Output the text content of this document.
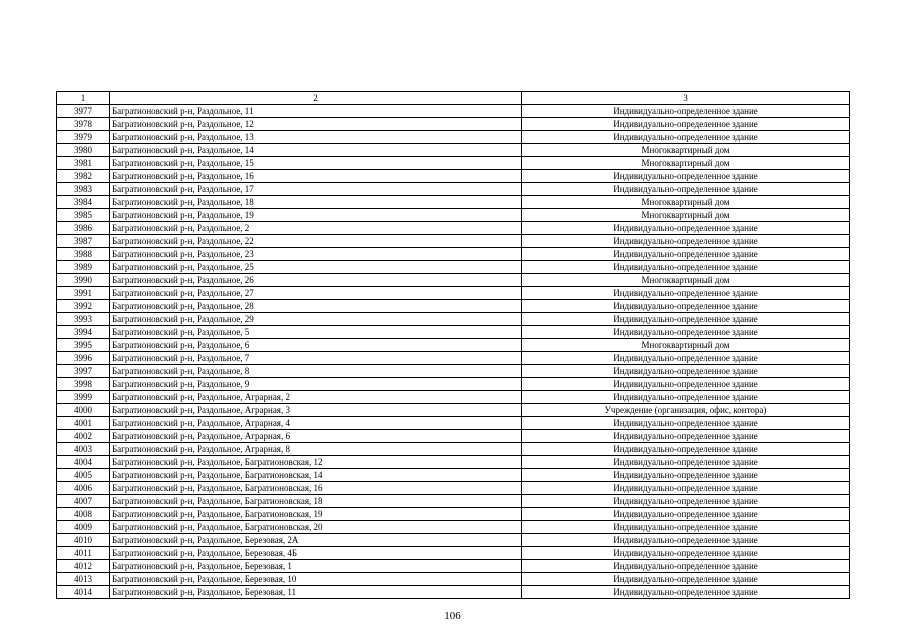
1	2	3
3977	Багратионовский р-н, Раздольное, 11	Индивидуально-определенное здание
3978	Багратионовский р-н, Раздольное, 12	Индивидуально-определенное здание
3979	Багратионовский р-н, Раздольное, 13	Индивидуально-определенное здание
3980	Багратионовский р-н, Раздольное, 14	Многоквартирный дом
3981	Багратионовский р-н, Раздольное, 15	Многоквартирный дом
3982	Багратионовский р-н, Раздольное, 16	Индивидуально-определенное здание
3983	Багратионовский р-н, Раздольное, 17	Индивидуально-определенное здание
3984	Багратионовский р-н, Раздольное, 18	Многоквартирный дом
3985	Багратионовский р-н, Раздольное, 19	Многоквартирный дом
3986	Багратионовский р-н, Раздольное, 2	Индивидуально-определенное здание
3987	Багратионовский р-н, Раздольное, 22	Индивидуально-определенное здание
3988	Багратионовский р-н, Раздольное, 23	Индивидуально-определенное здание
3989	Багратионовский р-н, Раздольное, 25	Индивидуально-определенное здание
3990	Багратионовский р-н, Раздольное, 26	Многоквартирный дом
3991	Багратионовский р-н, Раздольное, 27	Индивидуально-определенное здание
3992	Багратионовский р-н, Раздольное, 28	Индивидуально-определенное здание
3993	Багратионовский р-н, Раздольное, 29	Индивидуально-определенное здание
3994	Багратионовский р-н, Раздольное, 5	Индивидуально-определенное здание
3995	Багратионовский р-н, Раздольное, 6	Многоквартирный дом
3996	Багратионовский р-н, Раздольное, 7	Индивидуально-определенное здание
3997	Багратионовский р-н, Раздольное, 8	Индивидуально-определенное здание
3998	Багратионовский р-н, Раздольное, 9	Индивидуально-определенное здание
3999	Багратионовский р-н, Раздольное, Аграрная, 2	Индивидуально-определенное здание
4000	Багратионовский р-н, Раздольное, Аграрная, 3	Учреждение (организация, офис, контора)
4001	Багратионовский р-н, Раздольное, Аграрная, 4	Индивидуально-определенное здание
4002	Багратионовский р-н, Раздольное, Аграрная, 6	Индивидуально-определенное здание
4003	Багратионовский р-н, Раздольное, Аграрная, 8	Индивидуально-определенное здание
4004	Багратионовский р-н, Раздольное, Багратионовская, 12	Индивидуально-определенное здание
4005	Багратионовский р-н, Раздольное, Багратионовская, 14	Индивидуально-определенное здание
4006	Багратионовский р-н, Раздольное, Багратионовская, 16	Индивидуально-определенное здание
4007	Багратионовский р-н, Раздольное, Багратионовская, 18	Индивидуально-определенное здание
4008	Багратионовский р-н, Раздольное, Багратионовская, 19	Индивидуально-определенное здание
4009	Багратионовский р-н, Раздольное, Багратионовская, 20	Индивидуально-определенное здание
4010	Багратионовский р-н, Раздольное, Березовая, 2А	Индивидуально-определенное здание
4011	Багратионовский р-н, Раздольное, Березовая, 4Б	Индивидуально-определенное здание
4012	Багратионовский р-н, Раздольное, Березовая, 1	Индивидуально-определенное здание
4013	Багратионовский р-н, Раздольное, Березовая, 10	Индивидуально-определенное здание
4014	Багратионовский р-н, Раздольное, Березовая, 11	Индивидуально-определенное здание
106
